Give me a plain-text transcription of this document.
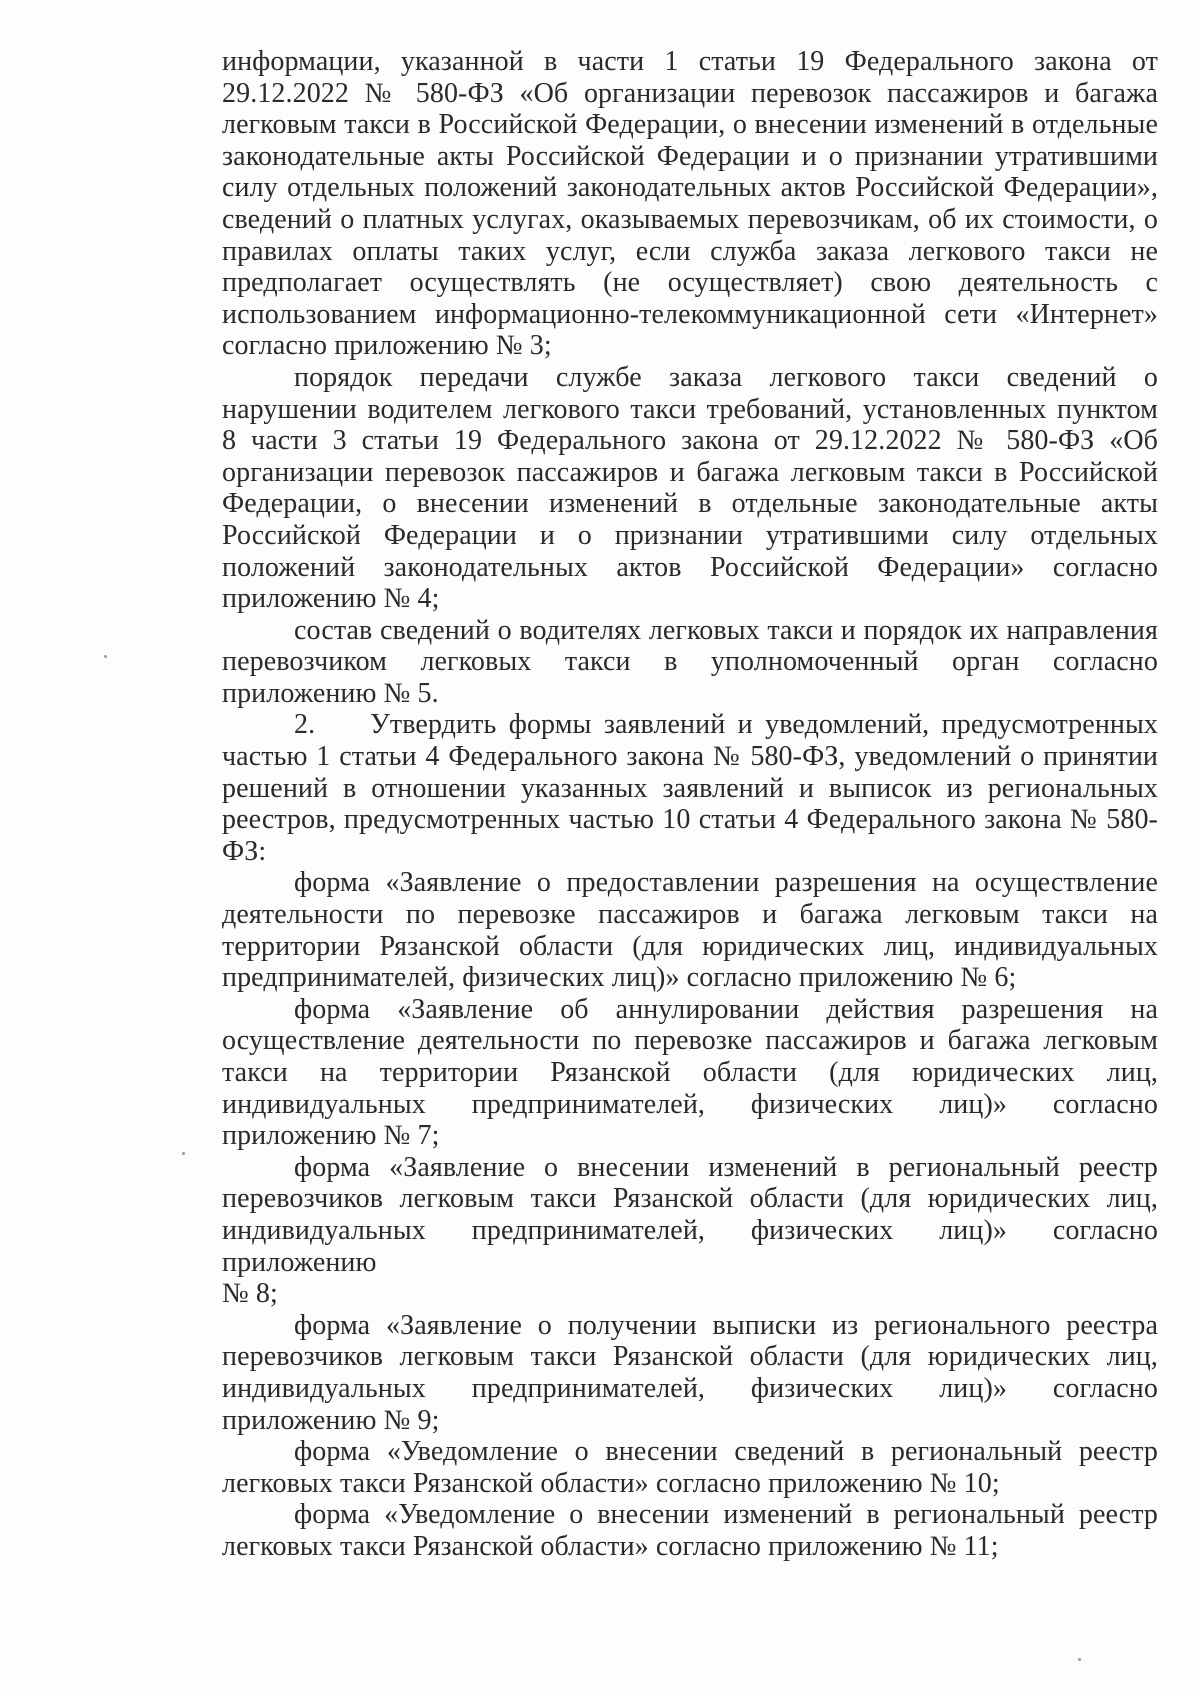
информации, указанной в части 1 статьи 19 Федерального закона от 29.12.2022 № 580-ФЗ «Об организации перевозок пассажиров и багажа легковым такси в Российской Федерации, о внесении изменений в отдельные законодательные акты Российской Федерации и о признании утратившими силу отдельных положений законодательных актов Российской Федерации», сведений о платных услугах, оказываемых перевозчикам, об их стоимости, о правилах оплаты таких услуг, если служба заказа легкового такси не предполагает осуществлять (не осуществляет) свою деятельность с использованием информационно-телекоммуникационной сети «Интернет» согласно приложению № 3;

порядок передачи службе заказа легкового такси сведений о нарушении водителем легкового такси требований, установленных пунктом 8 части 3 статьи 19 Федерального закона от 29.12.2022 № 580-ФЗ «Об организации перевозок пассажиров и багажа легковым такси в Российской Федерации, о внесении изменений в отдельные законодательные акты Российской Федерации и о признании утратившими силу отдельных положений законодательных актов Российской Федерации» согласно приложению № 4;

состав сведений о водителях легковых такси и порядок их направления перевозчиком легковых такси в уполномоченный орган согласно приложению № 5.

2. Утвердить формы заявлений и уведомлений, предусмотренных частью 1 статьи 4 Федерального закона № 580-ФЗ, уведомлений о принятии решений в отношении указанных заявлений и выписок из региональных реестров, предусмотренных частью 10 статьи 4 Федерального закона № 580-ФЗ:

форма «Заявление о предоставлении разрешения на осуществление деятельности по перевозке пассажиров и багажа легковым такси на территории Рязанской области (для юридических лиц, индивидуальных предпринимателей, физических лиц)» согласно приложению № 6;

форма «Заявление об аннулировании действия разрешения на осуществление деятельности по перевозке пассажиров и багажа легковым такси на территории Рязанской области (для юридических лиц, индивидуальных предпринимателей, физических лиц)» согласно приложению № 7;

форма «Заявление о внесении изменений в региональный реестр перевозчиков легковым такси Рязанской области (для юридических лиц, индивидуальных предпринимателей, физических лиц)» согласно приложению

№ 8;

форма «Заявление о получении выписки из регионального реестра перевозчиков легковым такси Рязанской области (для юридических лиц, индивидуальных предпринимателей, физических лиц)» согласно приложению № 9;

форма «Уведомление о внесении сведений в региональный реестр легковых такси Рязанской области» согласно приложению № 10;

форма «Уведомление о внесении изменений в региональный реестр легковых такси Рязанской области» согласно приложению № 11;
